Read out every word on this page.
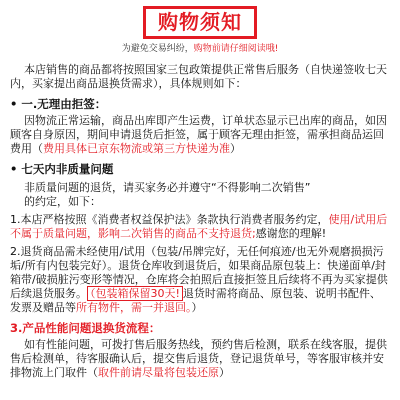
购物须知
为避免交易纠纷，购物前请仔细阅读哦!

本店销售的商品都将按照国家三包政策提供正常售后服务（自快递签收七天内，买家提出商品退换货需求），具体规则如下：

• 一.无理由拒签：

因物流正常运输，商品出库即产生运费，订单状态显示已出库的商品，如因顾客自身原因，期间申请退货后拒签，属于顾客无理由拒签，需承担商品运回费用（费用具体已京东物流或第三方快递为准）

• 七天内非质量问题

非质量问题的退货，请买家务必并遵守“不得影响二次销售”

的约定，如下：

1.本店严格按照《消费者权益保护法》条款执行消费者服务约定，使用/试用后不属于质量问题，影响二次销售的商品不支持退货;感谢您的理解!

2.退货商品需未经使用/试用（包装/吊牌完好，无任何痕迹/也无外观磨损损污垢/所有内包装完好）。退货仓库收到退货后，如果商品原包装上：快递面单/封箱带/破损脏污变形等情况，仓库将会拍照后直接拒签且后续将不再为买家提供后续退货服务。 （包装箱保留30天! 退货时需将商品、原包装、说明书配件、发票及赠品等所有物件，需一并退回。）

3.产品性能问题退换货流程：

如有性能问题，可拨打售后服务热线，预约售后检测，联系在线客服，提供售后检测单，待客服确认后，提交售后退货，登记退货单号，等客服审核并安排物流上门取件（取件前请尽量将包装还原）
